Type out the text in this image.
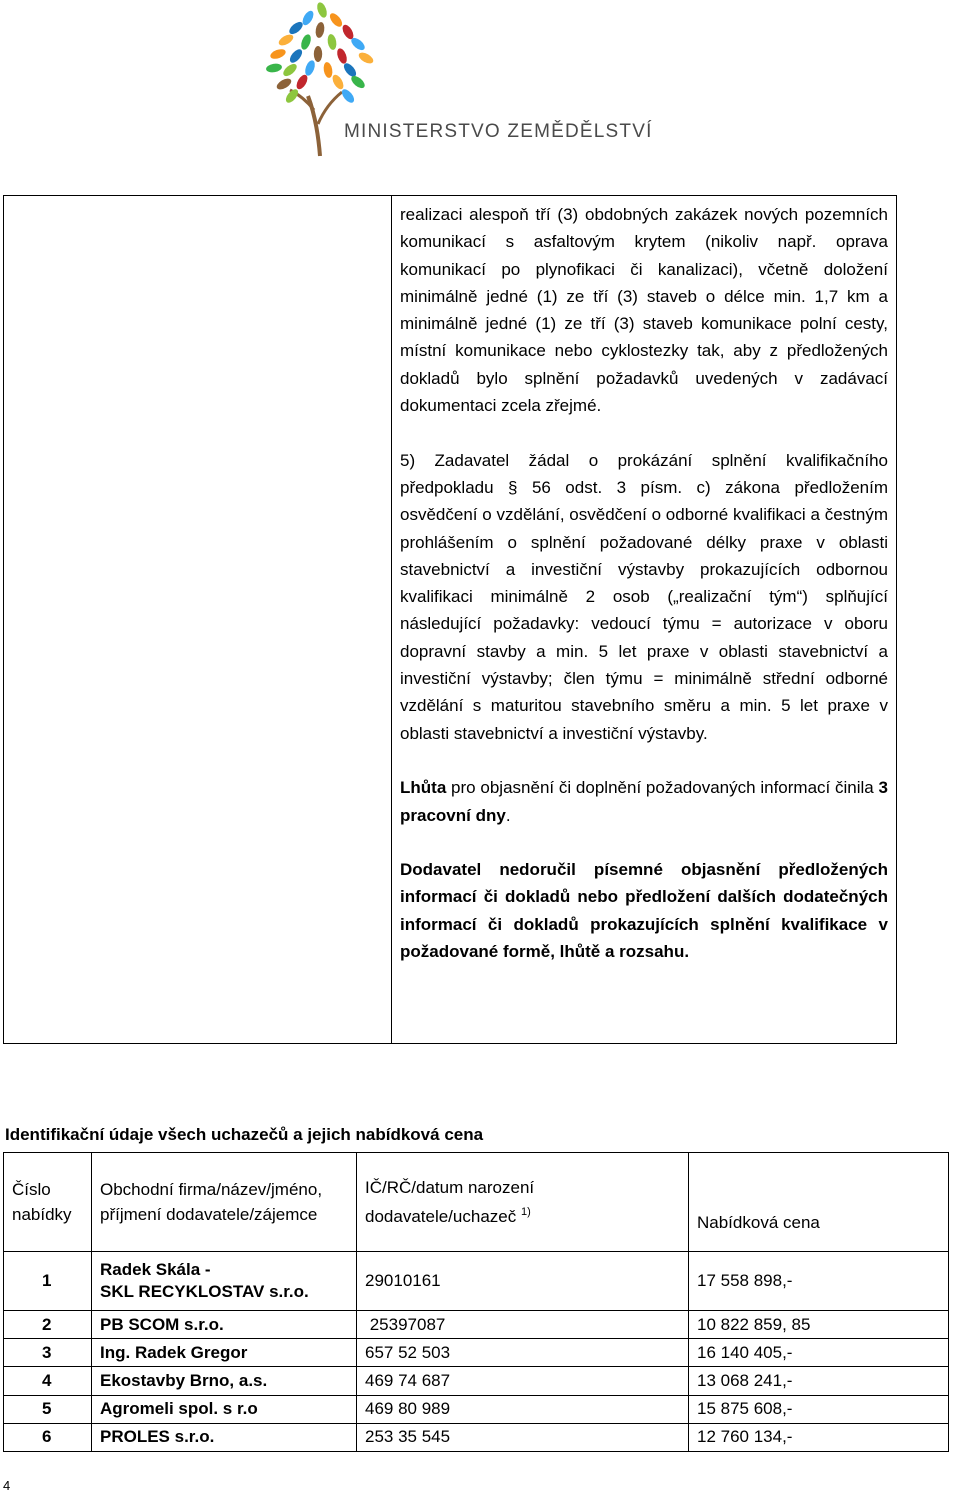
MINISTERSTVO ZEMĚDĚLSTVÍ

realizaci alespoň tří (3) obdobných zakázek nových pozemních komunikací s asfaltovým krytem (nikoliv např. oprava komunikací po plynofikaci či kanalizaci), včetně doložení minimálně jedné (1) ze tří (3) staveb o délce min. 1,7 km a minimálně jedné (1) ze tří (3) staveb komunikace polní cesty, místní komunikace nebo cyklostezky tak, aby z předložených dokladů bylo splnění požadavků uvedených v zadávací dokumentaci zcela zřejmé.

5) Zadavatel žádal o prokázání splnění kvalifikačního předpokladu § 56 odst. 3 písm. c) zákona předložením osvědčení o vzdělání, osvědčení o odborné kvalifikaci a čestným prohlášením o splnění požadované délky praxe v oblasti stavebnictví a investiční výstavby prokazujících odbornou kvalifikaci minimálně 2 osob („realizační tým“) splňující následující požadavky: vedoucí týmu = autorizace v oboru dopravní stavby a min. 5 let praxe v oblasti stavebnictví a investiční výstavby; člen týmu = minimálně střední odborné vzdělání s maturitou stavebního směru a min. 5 let praxe v oblasti stavebnictví a investiční výstavby.

Lhůta pro objasnění či doplnění požadovaných informací činila 3 pracovní dny.

Dodavatel nedoručil písemné objasnění předložených informací či dokladů nebo předložení dalších dodatečných informací či dokladů prokazujících splnění kvalifikace v požadované formě, lhůtě a rozsahu.

Identifikační údaje všech uchazečů a jejich nabídková cena
Číslo nabídky	Obchodní firma/název/jméno, příjmení dodavatele/zájemce	IČ/RČ/datum narození dodavatele/uchazeč $^{1)}$	Nabídková cena
1	Radek Skála -
SKL RECYKLOSTAV s.r.o.	29010161	17 558 898,-
2	PB SCOM s.r.o.	25397087	10 822 859, 85
3	Ing. Radek Gregor	657 52 503	16 140 405,-
4	Ekostavby Brno, a.s.	469 74 687	13 068 241,-
5	Agromeli spol. s r.o	469 80 989	15 875 608,-
6	PROLES s.r.o.	253 35 545	12 760 134,-
4
